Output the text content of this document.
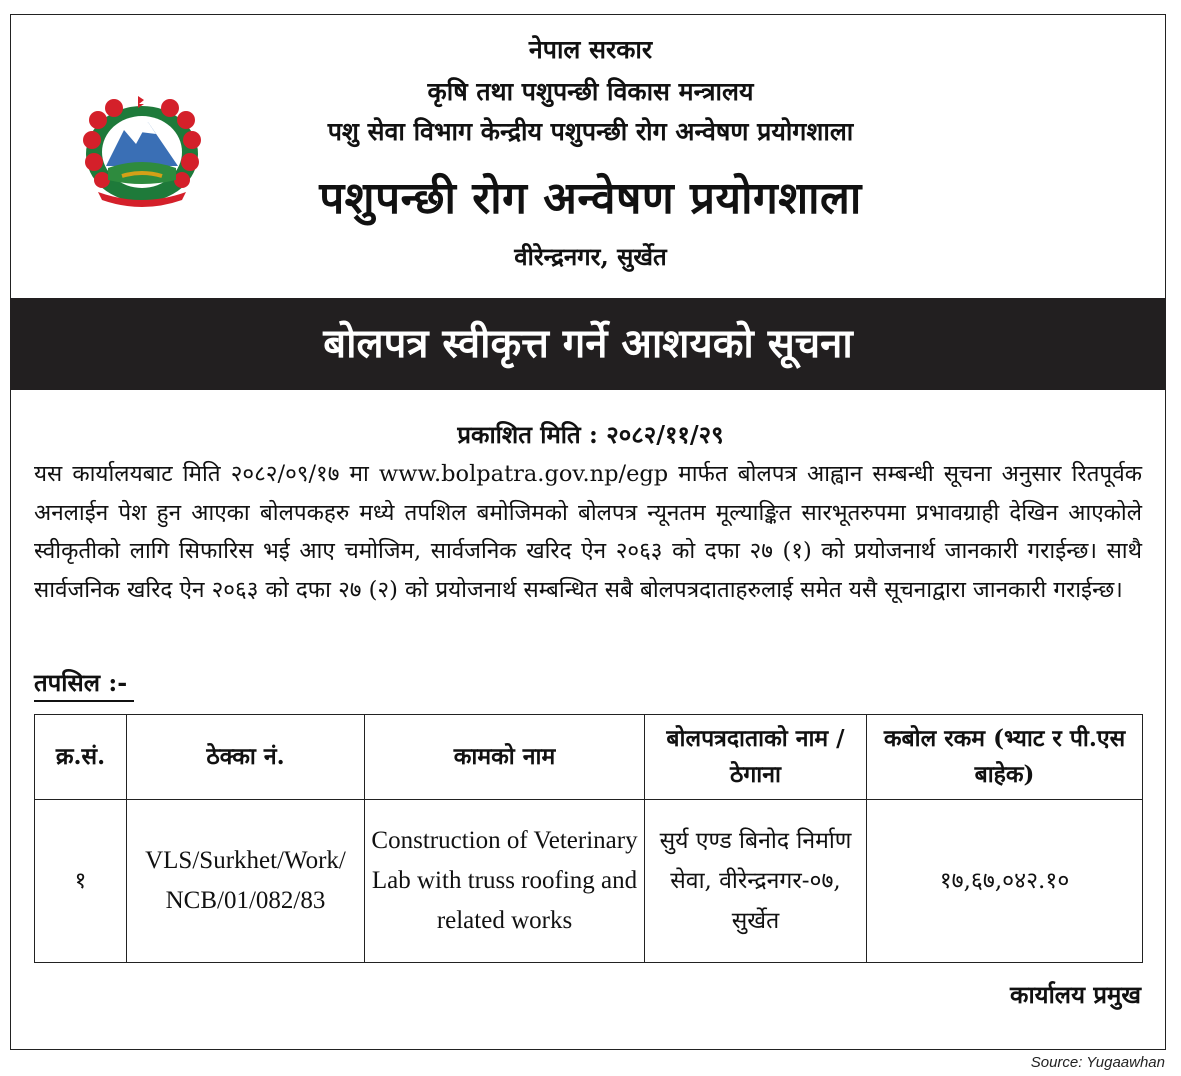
नेपाल सरकार
कृषि तथा पशुपन्छी विकास मन्त्रालय
पशु सेवा विभाग केन्द्रीय पशुपन्छी रोग अन्वेषण प्रयोगशाला
पशुपन्छी रोग अन्वेषण प्रयोगशाला
वीरेन्द्रनगर, सुर्खेत
बोलपत्र स्वीकृत्त गर्ने आशयको सूचना
प्रकाशित मिति : २०८२/११/२९
यस कार्यालयबाट मिति २०८२/०९/१७ मा www.bolpatra.gov.np/egp मार्फत बोलपत्र आह्वान सम्बन्धी सूचना अनुसार रितपूर्वक अनलाईन पेश हुन आएका बोलपकहरु मध्ये तपशिल बमोजिमको बोलपत्र न्यूनतम मूल्याङ्कित सारभूतरुपमा प्रभावग्राही देखिन आएकोले स्वीकृतीको लागि सिफारिस भई आए चमोजिम, सार्वजनिक खरिद ऐन २०६३ को दफा २७ (१) को प्रयोजनार्थ जानकारी गराईन्छ। साथै सार्वजनिक खरिद ऐन २०६३ को दफा २७ (२) को प्रयोजनार्थ सम्बन्धित सबै बोलपत्रदाताहरुलाई समेत यसै सूचनाद्वारा जानकारी गराईन्छ।
तपसिल :-
क्र.सं.	ठेक्का नं.	कामको नाम	बोलपत्रदाताको नाम / ठेगाना	कबोल रकम (भ्याट र पी.एस बाहेक)
१	VLS/Surkhet/Work/ NCB/01/082/83	Construction of Veterinary Lab with truss roofing and related works	सुर्य एण्ड बिनोद निर्माण सेवा, वीरेन्द्रनगर-०७, सुर्खेत	१७,६७,०४२.१०
कार्यालय प्रमुख
Source: Yugaawhan
